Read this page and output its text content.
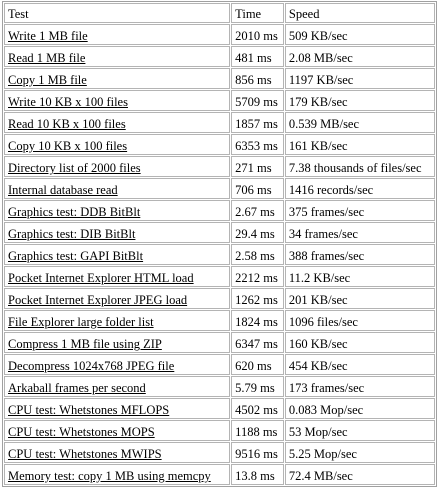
Test	Time	Speed
Write 1 MB file	2010 ms	509 KB/sec
Read 1 MB file	481 ms	2.08 MB/sec
Copy 1 MB file	856 ms	1197 KB/sec
Write 10 KB x 100 files	5709 ms	179 KB/sec
Read 10 KB x 100 files	1857 ms	0.539 MB/sec
Copy 10 KB x 100 files	6353 ms	161 KB/sec
Directory list of 2000 files	271 ms	7.38 thousands of files/sec
Internal database read	706 ms	1416 records/sec
Graphics test: DDB BitBlt	2.67 ms	375 frames/sec
Graphics test: DIB BitBlt	29.4 ms	34 frames/sec
Graphics test: GAPI BitBlt	2.58 ms	388 frames/sec
Pocket Internet Explorer HTML load	2212 ms	11.2 KB/sec
Pocket Internet Explorer JPEG load	1262 ms	201 KB/sec
File Explorer large folder list	1824 ms	1096 files/sec
Compress 1 MB file using ZIP	6347 ms	160 KB/sec
Decompress 1024x768 JPEG file	620 ms	454 KB/sec
Arkaball frames per second	5.79 ms	173 frames/sec
CPU test: Whetstones MFLOPS	4502 ms	0.083 Mop/sec
CPU test: Whetstones MOPS	1188 ms	53 Mop/sec
CPU test: Whetstones MWIPS	9516 ms	5.25 Mop/sec
Memory test: copy 1 MB using memcpy	13.8 ms	72.4 MB/sec
